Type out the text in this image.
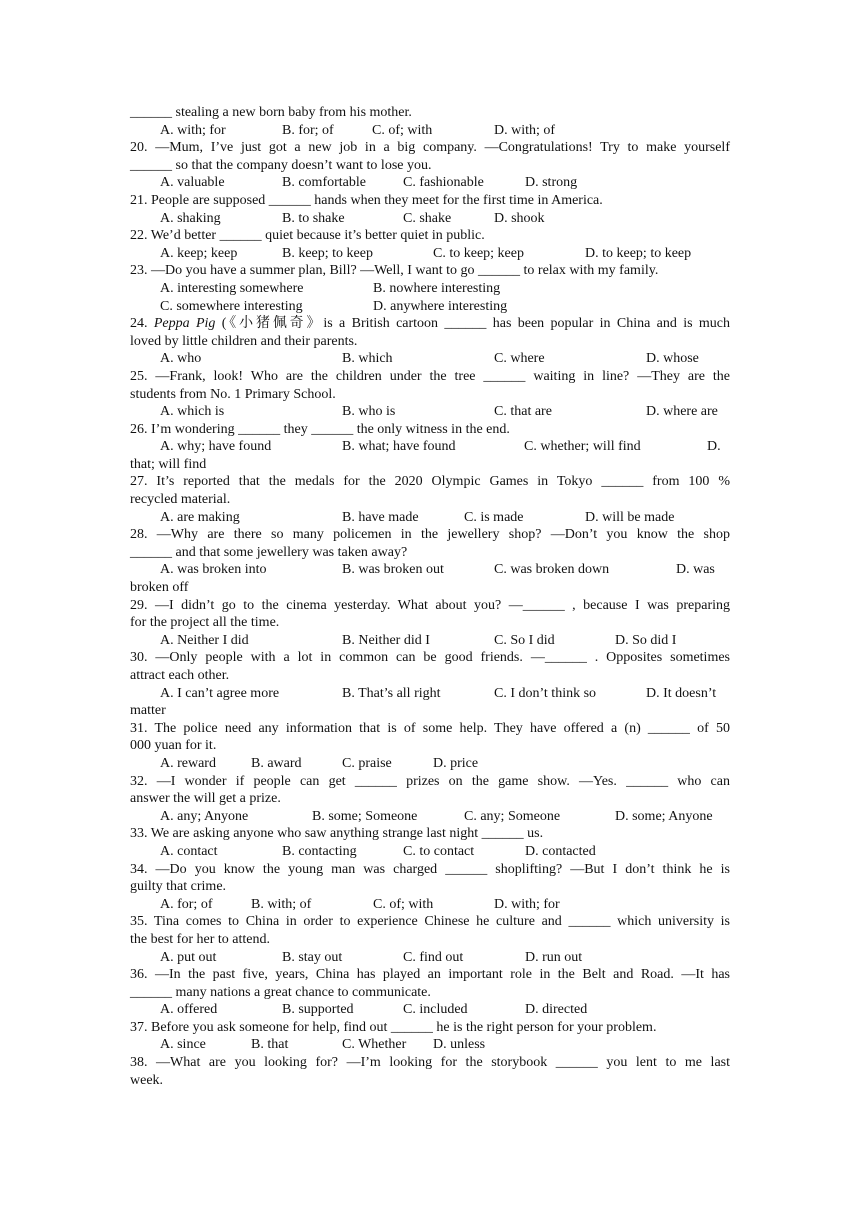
______ stealing a new born baby from his mother.
A. with; for	B. for; of	C. of; with	D. with; of
20. —Mum, I’ve just got a new job in a big company. —Congratulations! Try to make yourself
______ so that the company doesn’t want to lose you.
A. valuable	B. comfortable	C. fashionable	D. strong
21. People are supposed ______ hands when they meet for the first time in America.
A. shaking	B. to shake	C. shake	D. shook
22. We’d better ______ quiet because it’s better quiet in public.
A. keep; keep	B. keep; to keep	C. to keep; keep	D. to keep; to keep
23. —Do you have a summer plan, Bill? —Well, I want to go ______ to relax with my family.
A. interesting somewhere	B. nowhere interesting
C. somewhere interesting	D. anywhere interesting
24. Peppa Pig (《小猪佩奇》is a British cartoon ______ has been popular in China and is much
loved by little children and their parents.
A. who	B. which	C. where	D. whose
25. —Frank, look! Who are the children under the tree ______ waiting in line? —They are the
students from No. 1 Primary School.
A. which is	B. who is	C. that are	D. where are
26. I’m wondering ______ they ______ the only witness in the end.
A. why; have found	B. what; have found	C. whether; will find	D.
that; will find
27. It’s reported that the medals for the 2020 Olympic Games in Tokyo ______ from 100 %
recycled material.
A. are making	B. have made	C. is made	D. will be made
28. —Why are there so many policemen in the jewellery shop? —Don’t you know the shop
______ and that some jewellery was taken away?
A. was broken into	B. was broken out	C. was broken down	D. was
broken off
29. —I didn’t go to the cinema yesterday. What about you? —______ , because I was preparing
for the project all the time.
A. Neither I did	B. Neither did I	C. So I did	D. So did I
30. —Only people with a lot in common can be good friends. —______ . Opposites sometimes
attract each other.
A. I can’t agree more	B. That’s all right	C. I don’t think so	D. It doesn’t
matter
31. The police need any information that is of some help. They have offered a (n) ______ of 50
000 yuan for it.
A. reward	B. award	C. praise	D. price
32. —I wonder if people can get ______ prizes on the game show. —Yes. ______ who can
answer the will get a prize.
A. any; Anyone	B. some; Someone	C. any; Someone	D. some; Anyone
33. We are asking anyone who saw anything strange last night ______ us.
A. contact	B. contacting	C. to contact	D. contacted
34. —Do you know the young man was charged ______ shoplifting? —But I don’t think he is
guilty that crime.
A. for; of	B. with; of	C. of; with	D. with; for
35. Tina comes to China in order to experience Chinese he culture and ______ which university is
the best for her to attend.
A. put out	B. stay out	C. find out	D. run out
36. —In the past five, years, China has played an important role in the Belt and Road. —It has
______ many nations a great chance to communicate.
A. offered	B. supported	C. included	D. directed
37. Before you ask someone for help, find out ______ he is the right person for your problem.
A. since	B. that	C. Whether D. unless
38. —What are you looking for? —I’m looking for the storybook ______ you lent to me last
week.
